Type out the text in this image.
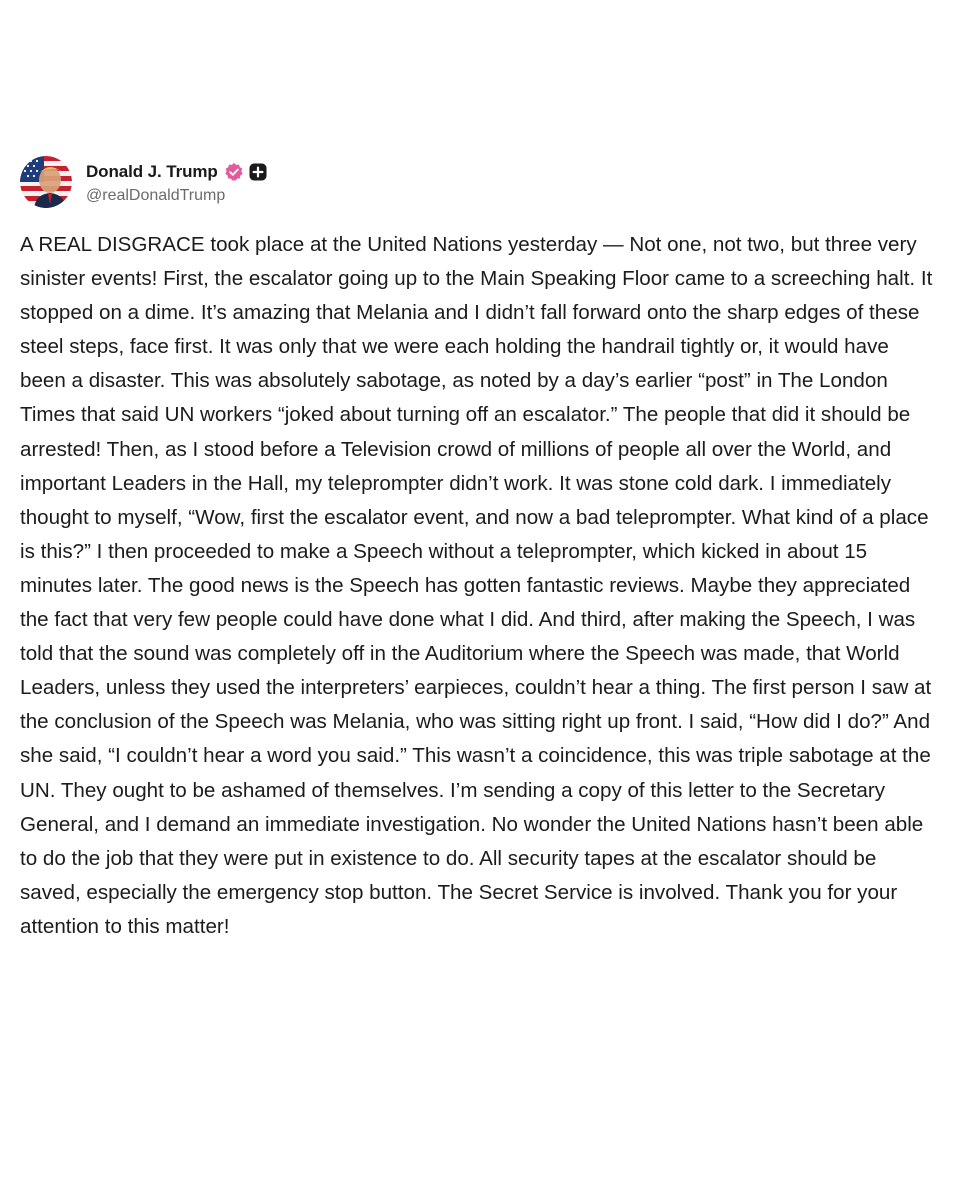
Donald J. Trump
@realDonaldTrump

A REAL DISGRACE took place at the United Nations yesterday — Not one, not two, but three very sinister events! First, the escalator going up to the Main Speaking Floor came to a screeching halt. It stopped on a dime. It’s amazing that Melania and I didn’t fall forward onto the sharp edges of these steel steps, face first. It was only that we were each holding the handrail tightly or, it would have been a disaster. This was absolutely sabotage, as noted by a day’s earlier “post” in The London Times that said UN workers “joked about turning off an escalator.” The people that did it should be arrested! Then, as I stood before a Television crowd of millions of people all over the World, and important Leaders in the Hall, my teleprompter didn’t work. It was stone cold dark. I immediately thought to myself, “Wow, first the escalator event, and now a bad teleprompter. What kind of a place is this?” I then proceeded to make a Speech without a teleprompter, which kicked in about 15 minutes later. The good news is the Speech has gotten fantastic reviews. Maybe they appreciated the fact that very few people could have done what I did. And third, after making the Speech, I was told that the sound was completely off in the Auditorium where the Speech was made, that World Leaders, unless they used the interpreters’ earpieces, couldn’t hear a thing. The first person I saw at the conclusion of the Speech was Melania, who was sitting right up front. I said, “How did I do?” And she said, “I couldn’t hear a word you said.” This wasn’t a coincidence, this was triple sabotage at the UN. They ought to be ashamed of themselves. I’m sending a copy of this letter to the Secretary General, and I demand an immediate investigation. No wonder the United Nations hasn’t been able to do the job that they were put in existence to do. All security tapes at the escalator should be saved, especially the emergency stop button. The Secret Service is involved. Thank you for your attention to this matter!
